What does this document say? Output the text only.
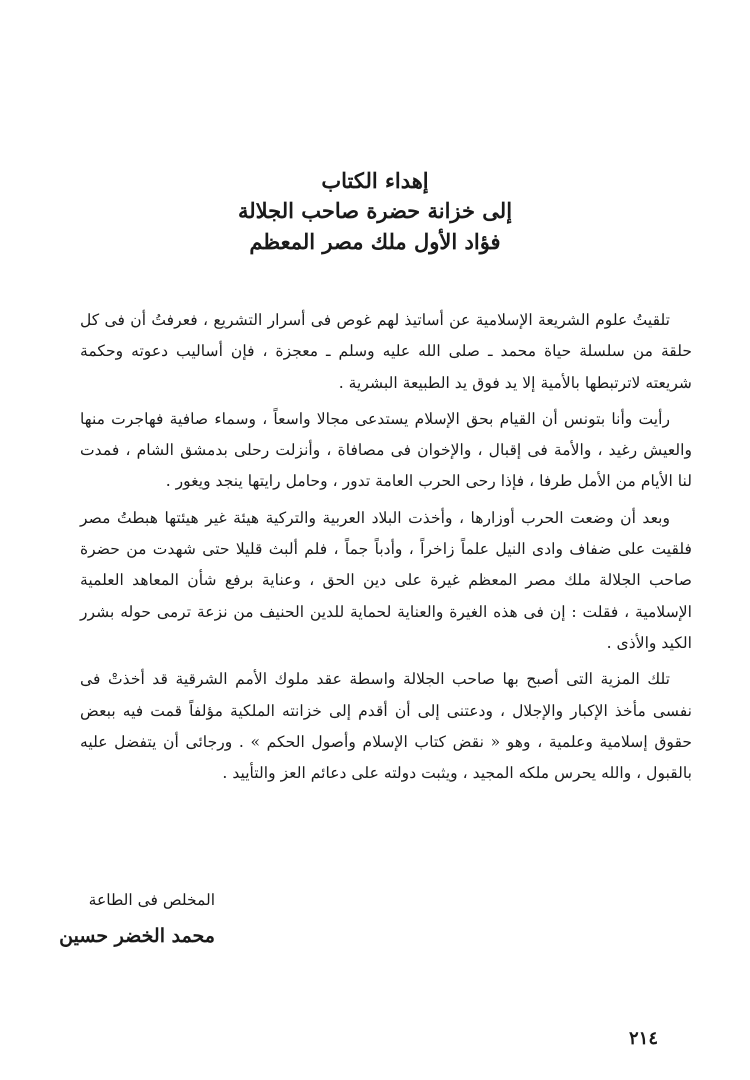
إهداء الكتاب
إلى خزانة حضرة صاحب الجلالة
فؤاد الأول ملك مصر المعظم

تلقيتُ علوم الشريعة الإسلامية عن أساتيذ لهم غوص فى أسرار التشريع ، فعرفتُ أن فى كل حلقة من سلسلة حياة محمد ـ صلى الله عليه وسلم ـ معجزة ، فإن أساليب دعوته وحكمة شريعته لاترتبطها بالأمية إلا يد فوق يد الطبيعة البشرية .

رأيت وأنا بتونس أن القيام بحق الإسلام يستدعى مجالا واسعاً ، وسماء صافية فهاجرت منها والعيش رغيد ، والأمة فى إقبال ، والإخوان فى مصافاة ، وأنزلت رحلى بدمشق الشام ، فمدت لنا الأيام من الأمل طرفا ، فإذا رحى الحرب العامة تدور ، وحامل رايتها ينجد ويغور .

وبعد أن وضعت الحرب أوزارها ، وأخذت البلاد العربية والتركية هيئة غير هيئتها هبطتُ مصر فلقيت على ضفاف وادى النيل علماً زاخراً ، وأدباً جماً ، فلم ألبث قليلا حتى شهدت من حضرة صاحب الجلالة ملك مصر المعظم غيرة على دين الحق ، وعناية برفع شأن المعاهد العلمية الإسلامية ، فقلت : إن فى هذه الغيرة والعناية لحماية للدين الحنيف من نزعة ترمى حوله بشرر الكيد والأذى .

تلك المزية التى أصبح بها صاحب الجلالة واسطة عقد ملوك الأمم الشرقية قد أخذتْ فى نفسى مأخذ الإكبار والإجلال ، ودعتنى إلى أن أقدم إلى خزانته الملكية مؤلفاً قمت فيه ببعض حقوق إسلامية وعلمية ، وهو « نقض كتاب الإسلام وأصول الحكم » . ورجائى أن يتفضل عليه بالقبول ، والله يحرس ملكه المجيد ، ويثبت دولته على دعائم العز والتأييد .

المخلص فى الطاعة
محمد الخضر حسين
٢١٤
